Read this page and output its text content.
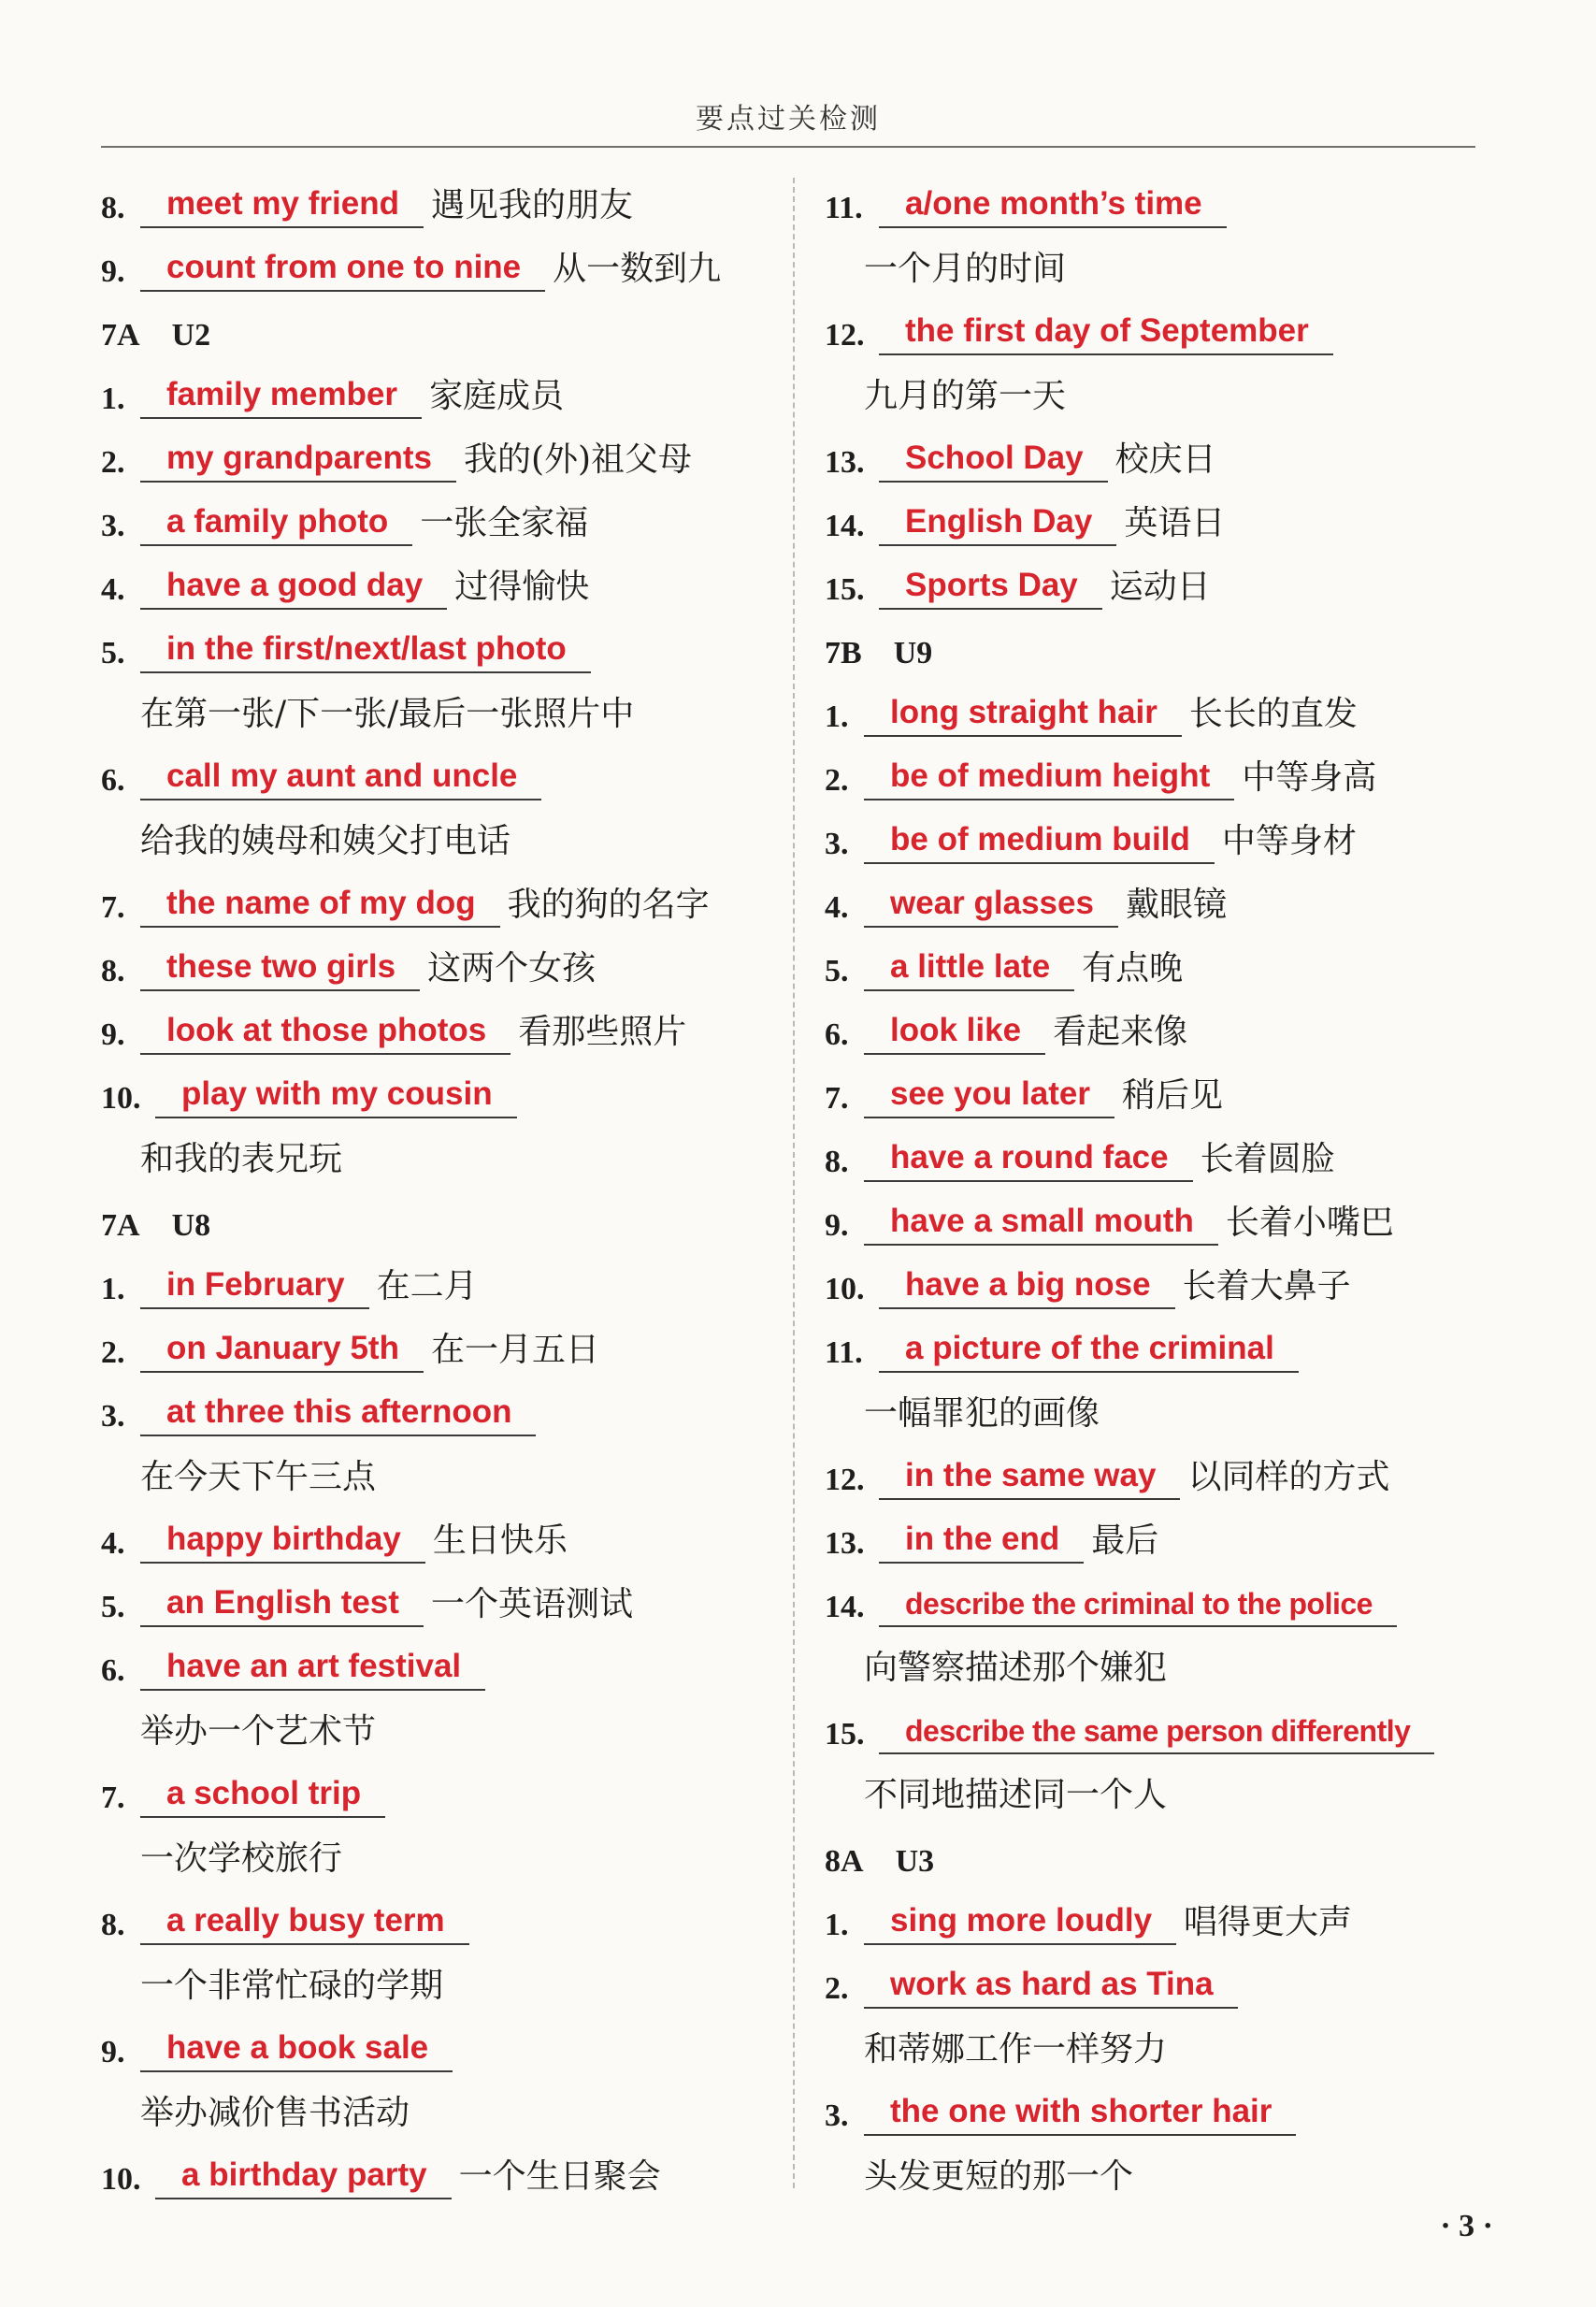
要点过关检测
8.	meet my friend 遇见我的朋友
9.	count from one to nine 从一数到九
7A U2
1.	family member 家庭成员
2.	my grandparents 我的(外)祖父母
3.	a family photo 一张全家福
4.	have a good day 过得愉快
5.	in the first/next/last photo
在第一张/下一张/最后一张照片中
6.	call my aunt and uncle
给我的姨母和姨父打电话
7.	the name of my dog 我的狗的名字
8.	these two girls 这两个女孩
9.	look at those photos 看那些照片
10.	play with my cousin
和我的表兄玩
7A U8
1.	in February 在二月
2.	on January 5th 在一月五日
3.	at three this afternoon
在今天下午三点
4.	happy birthday 生日快乐
5.	an English test 一个英语测试
6.	have an art festival
举办一个艺术节
7.	a school trip
一次学校旅行
8.	a really busy term
一个非常忙碌的学期
9.	have a book sale
举办减价售书活动
10.	a birthday party 一个生日聚会
11.	a/one month’s time
一个月的时间
12.	the first day of September
九月的第一天
13.	School Day 校庆日
14.	English Day 英语日
15.	Sports Day 运动日
7B U9
1.	long straight hair 长长的直发
2.	be of medium height 中等身高
3.	be of medium build 中等身材
4.	wear glasses 戴眼镜
5.	a little late 有点晚
6.	look like 看起来像
7.	see you later 稍后见
8.	have a round face 长着圆脸
9.	have a small mouth 长着小嘴巴
10.	have a big nose 长着大鼻子
11.	a picture of the criminal
一幅罪犯的画像
12.	in the same way 以同样的方式
13.	in the end 最后
14.	describe the criminal to the police
向警察描述那个嫌犯
15.	describe the same person differently
不同地描述同一个人
8A U3
1.	sing more loudly 唱得更大声
2.	work as hard as Tina
和蒂娜工作一样努力
3.	the one with shorter hair
头发更短的那一个
· 3 ·
